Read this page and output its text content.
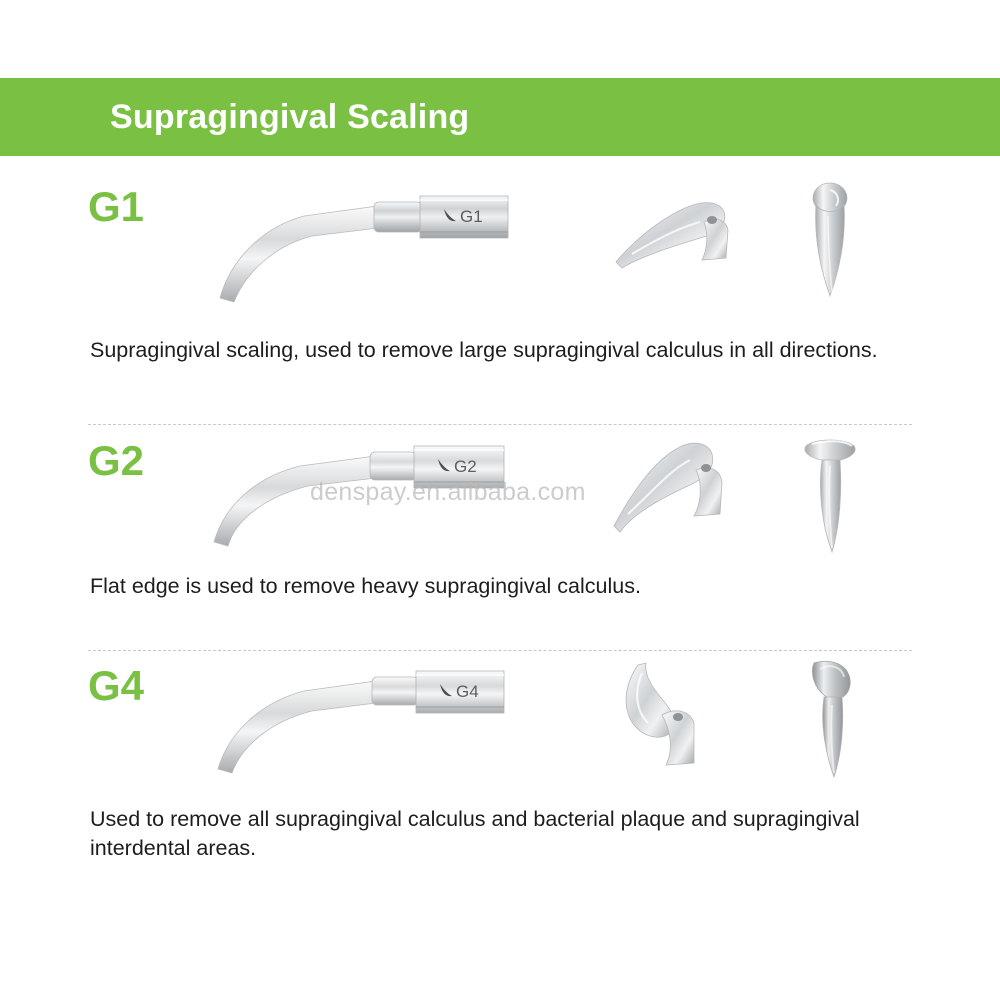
Supragingival Scaling
G1	G1
Supragingival scaling, used to remove large supragingival calculus in all directions.
G2	G2
Flat edge is used to remove heavy supragingival calculus.
G4	G4
Used to remove all supragingival calculus and bacterial plaque and supragingival interdental areas.
denspay.en.alibaba.com
